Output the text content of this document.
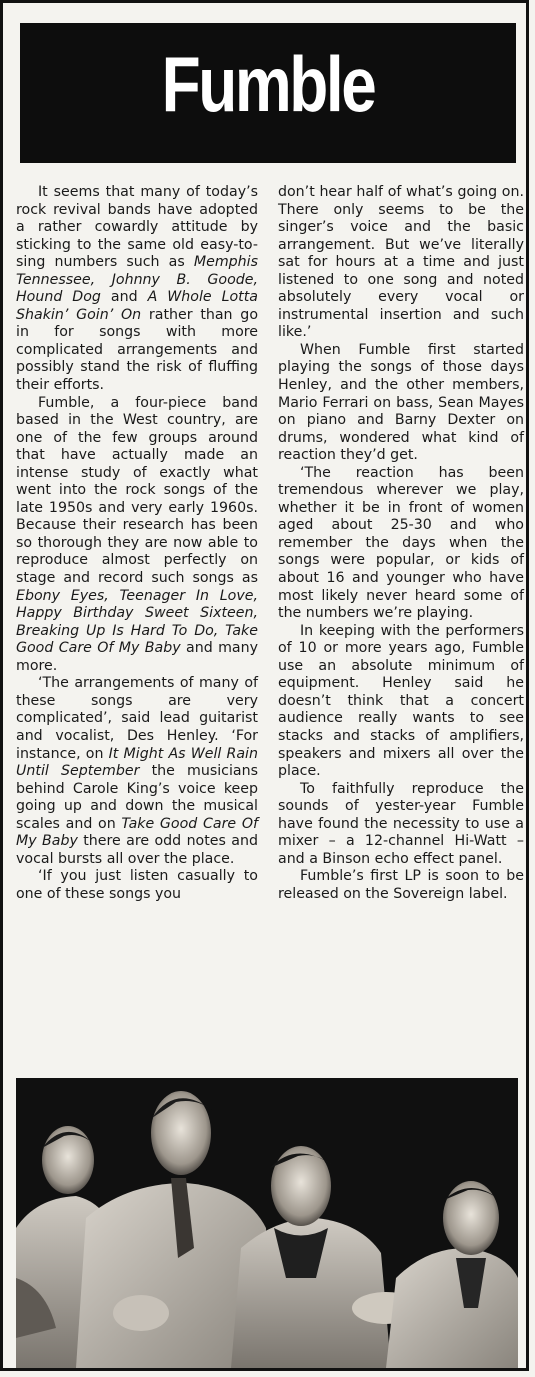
Fumble

It seems that many of today’s rock revival bands have adopted a rather cowardly attitude by sticking to the same old easy-to-sing numbers such as Memphis Tennessee, Johnny B. Goode, Hound Dog and A Whole Lotta Shakin’ Goin’ On rather than go in for songs with more complicated arrangements and possibly stand the risk of fluffing their efforts.

Fumble, a four-piece band based in the West country, are one of the few groups around that have actually made an intense study of exactly what went into the rock songs of the late 1950s and very early 1960s. Because their research has been so thorough they are now able to reproduce almost perfectly on stage and record such songs as Ebony Eyes, Teenager In Love, Happy Birthday Sweet Sixteen, Breaking Up Is Hard To Do, Take Good Care Of My Baby and many more.

‘The arrangements of many of these songs are very complicated’, said lead guitarist and vocalist, Des Henley. ‘For instance, on It Might As Well Rain Until September the musicians behind Carole King’s voice keep going up and down the musical scales and on Take Good Care Of My Baby there are odd notes and vocal bursts all over the place.

‘If you just listen casually to one of these songs you

don’t hear half of what’s going on. There only seems to be the singer’s voice and the basic arrangement. But we’ve literally sat for hours at a time and just listened to one song and noted absolutely every vocal or instrumental insertion and such like.’

When Fumble first started playing the songs of those days Henley, and the other members, Mario Ferrari on bass, Sean Mayes on piano and Barny Dexter on drums, wondered what kind of reaction they’d get.

‘The reaction has been tremendous wherever we play, whether it be in front of women aged about 25-30 and who remember the days when the songs were popular, or kids of about 16 and younger who have most likely never heard some of the numbers we’re playing.

In keeping with the performers of 10 or more years ago, Fumble use an absolute minimum of equipment. Henley said he doesn’t think that a concert audience really wants to see stacks and stacks of amplifiers, speakers and mixers all over the place.

To faithfully reproduce the sounds of yester-year Fumble have found the necessity to use a mixer – a 12-channel Hi-Watt – and a Binson echo effect panel.

Fumble’s first LP is soon to be released on the Sovereign label.
